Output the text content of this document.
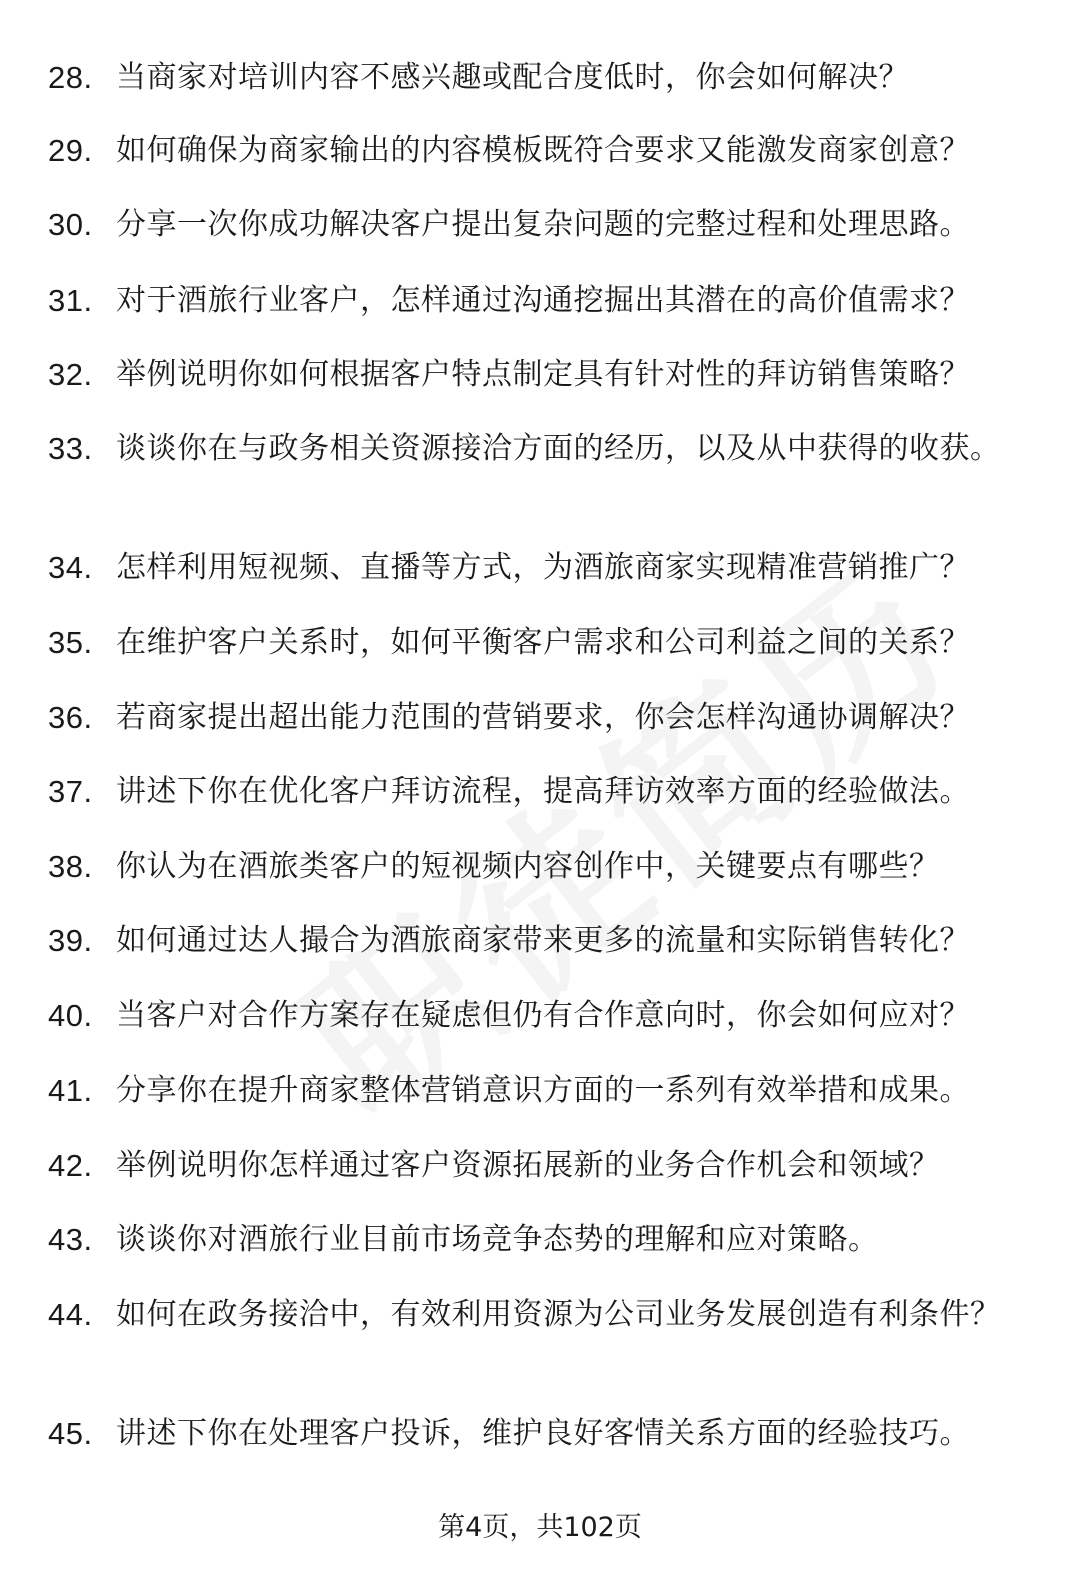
28. 当商家对培训内容不感兴趣或配合度低时，你会如何解决？
29. 如何确保为商家输出的内容模板既符合要求又能激发商家创意？
30. 分享一次你成功解决客户提出复杂问题的完整过程和处理思路。
31. 对于酒旅行业客户，怎样通过沟通挖掘出其潜在的高价值需求？
32. 举例说明你如何根据客户特点制定具有针对性的拜访销售策略？
33. 谈谈你在与政务相关资源接洽方面的经历，以及从中获得的收获。
34. 怎样利用短视频、直播等方式，为酒旅商家实现精准营销推广？
35. 在维护客户关系时，如何平衡客户需求和公司利益之间的关系？
36. 若商家提出超出能力范围的营销要求，你会怎样沟通协调解决？
37. 讲述下你在优化客户拜访流程，提高拜访效率方面的经验做法。
38. 你认为在酒旅类客户的短视频内容创作中，关键要点有哪些？
39. 如何通过达人撮合为酒旅商家带来更多的流量和实际销售转化？
40. 当客户对合作方案存在疑虑但仍有合作意向时，你会如何应对？
41. 分享你在提升商家整体营销意识方面的一系列有效举措和成果。
42. 举例说明你怎样通过客户资源拓展新的业务合作机会和领域？
43. 谈谈你对酒旅行业目前市场竞争态势的理解和应对策略。
44. 如何在政务接洽中，有效利用资源为公司业务发展创造有利条件？
45. 讲述下你在处理客户投诉，维护良好客情关系方面的经验技巧。
第4页，共102页
